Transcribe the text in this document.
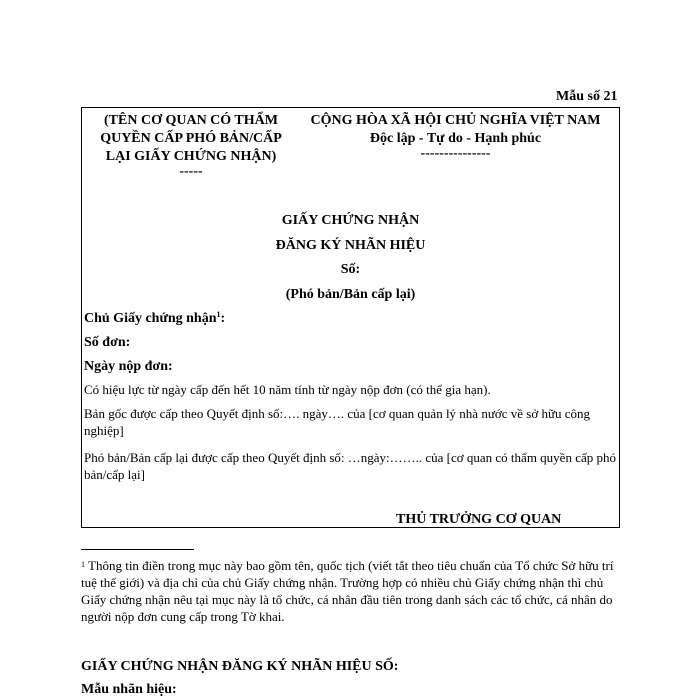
Mẫu số 21
(TÊN CƠ QUAN CÓ THẨM
QUYỀN CẤP PHÓ BẢN/CẤP
LẠI GIẤY CHỨNG NHẬN)
-----
CỘNG HÒA XÃ HỘI CHỦ NGHĨA VIỆT NAM
Độc lập - Tự do - Hạnh phúc
---------------
GIẤY CHỨNG NHẬN
ĐĂNG KÝ NHÃN HIỆU
Số:
(Phó bản/Bản cấp lại)
Chủ Giấy chứng nhận$^1$:
Số đơn:
Ngày nộp đơn:
Có hiệu lực từ ngày cấp đến hết 10 năm tính từ ngày nộp đơn (có thể gia hạn).
Bản gốc được cấp theo Quyết định số:…. ngày…. của [cơ quan quản lý nhà nước về sở hữu công nghiệp]
Phó bản/Bản cấp lại được cấp theo Quyết định số: …ngày:…….. của [cơ quan có thẩm quyền cấp phó bản/cấp lại]
THỦ TRƯỞNG CƠ QUAN
$^1$ Thông tin điền trong mục này bao gồm tên, quốc tịch (viết tắt theo tiêu chuẩn của Tổ chức Sở hữu trí tuệ thế giới) và địa chỉ của chủ Giấy chứng nhận. Trường hợp có nhiều chủ Giấy chứng nhận thì chủ Giấy chứng nhận nêu tại mục này là tổ chức, cá nhân đầu tiên trong danh sách các tổ chức, cá nhân do người nộp đơn cung cấp trong Tờ khai.
GIẤY CHỨNG NHẬN ĐĂNG KÝ NHÃN HIỆU SỐ:
Mẫu nhãn hiệu:
